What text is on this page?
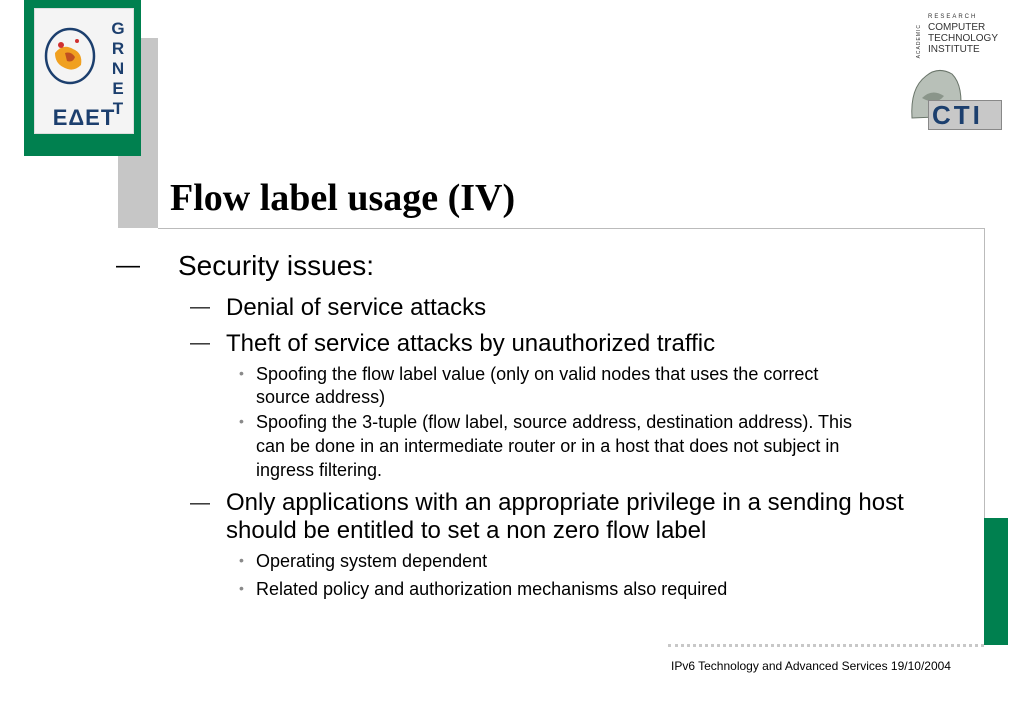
G
R
N
E
T
ΕΔΕΤ
RESEARCH
ACADEMIC COMPUTER
TECHNOLOGY
INSTITUTE
CTI
Flow label usage (IV)
— Security issues:
— Denial of service attacks
— Theft of service attacks by unauthorized traffic
• Spoofing the flow label value (only on valid nodes that uses the correct
source address)
• Spoofing the 3-tuple (flow label, source address, destination address). This
can be done in an intermediate router or in a host that does not subject in
ingress filtering.
— Only applications with an appropriate privilege in a sending host
should be entitled to set a non zero flow label
• Operating system dependent
• Related policy and authorization mechanisms also required
IPv6 Technology and Advanced Services 19/10/2004
